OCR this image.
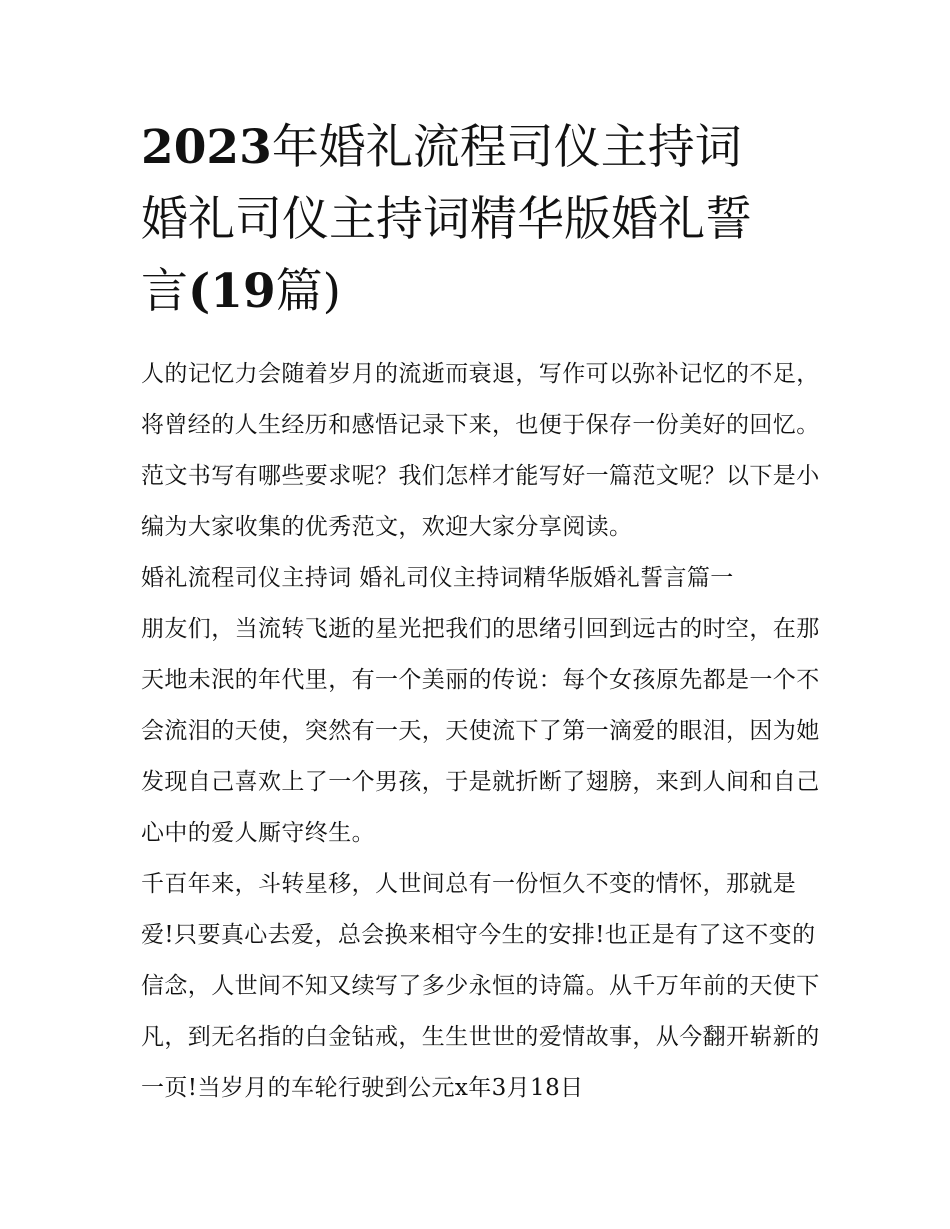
2023年婚礼流程司仪主持词
婚礼司仪主持词精华版婚礼誓
言(19篇)

人的记忆力会随着岁月的流逝而衰退，写作可以弥补记忆的不足，将曾经的人生经历和感悟记录下来，也便于保存一份美好的回忆。范文书写有哪些要求呢？我们怎样才能写好一篇范文呢？以下是小编为大家收集的优秀范文，欢迎大家分享阅读。

婚礼流程司仪主持词 婚礼司仪主持词精华版婚礼誓言篇一

朋友们，当流转飞逝的星光把我们的思绪引回到远古的时空，在那天地未泯的年代里，有一个美丽的传说：每个女孩原先都是一个不会流泪的天使，突然有一天，天使流下了第一滴爱的眼泪，因为她发现自己喜欢上了一个男孩，于是就折断了翅膀，来到人间和自己心中的爱人厮守终生。

千百年来，斗转星移，人世间总有一份恒久不变的情怀，那就是爱!只要真心去爱，总会换来相守今生的安排!也正是有了这不变的信念，人世间不知又续写了多少永恒的诗篇。从千万年前的天使下凡，到无名指的白金钻戒，生生世世的爱情故事，从今翻开崭新的一页!当岁月的车轮行驶到公元x年3月18日
